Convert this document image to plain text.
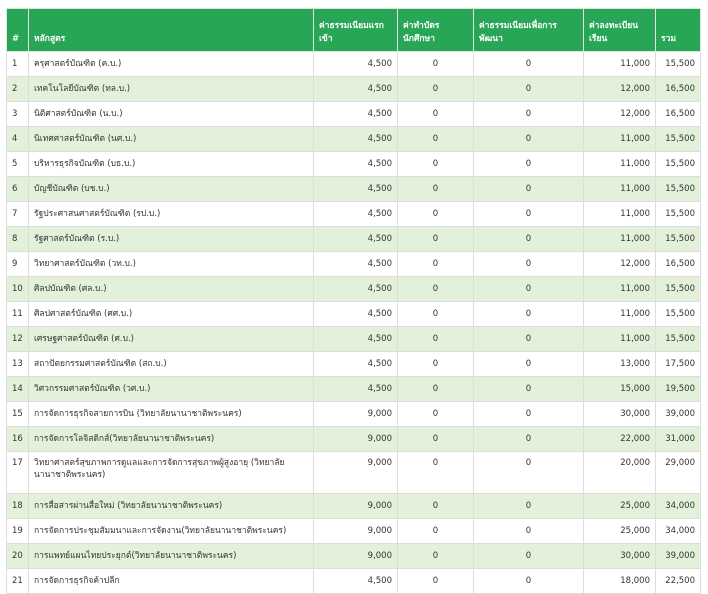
#	หลักสูตร	ค่าธรรมเนียมแรกเข้า	ค่าทำบัตรนักศึกษา	ค่าธรรมเนียมเพื่อการพัฒนา	ค่าลงทะเบียนเรียน	รวม
1	ครุศาสตร์บัณฑิต (ค.บ.)	4,500	0	0	11,000	15,500
2	เทคโนโลยีบัณฑิต (ทล.บ.)	4,500	0	0	12,000	16,500
3	นิติศาสตร์บัณฑิต (น.บ.)	4,500	0	0	12,000	16,500
4	นิเทศศาสตร์บัณฑิต (นศ.บ.)	4,500	0	0	11,000	15,500
5	บริหารธุรกิจบัณฑิต (บธ.บ.)	4,500	0	0	11,000	15,500
6	บัญชีบัณฑิต (บช.บ.)	4,500	0	0	11,000	15,500
7	รัฐประศาสนศาสตร์บัณฑิต (รป.บ.)	4,500	0	0	11,000	15,500
8	รัฐศาสตร์บัณฑิต (ร.บ.)	4,500	0	0	11,000	15,500
9	วิทยาศาสตร์บัณฑิต (วท.บ.)	4,500	0	0	12,000	16,500
10	ศิลปบัณฑิต (ศล.บ.)	4,500	0	0	11,000	15,500
11	ศิลปศาสตร์บัณฑิต (ศศ.บ.)	4,500	0	0	11,000	15,500
12	เศรษฐศาสตร์บัณฑิต (ศ.บ.)	4,500	0	0	11,000	15,500
13	สถาปัตยกรรมศาสตร์บัณฑิต (สถ.บ.)	4,500	0	0	13,000	17,500
14	วิศวกรรมศาสตร์บัณฑิต (วศ.บ.)	4,500	0	0	15,000	19,500
15	การจัดการธุรกิจสายการบิน (วิทยาลัยนานาชาติพระนคร)	9,000	0	0	30,000	39,000
16	การจัดการโลจิสติกส์(วิทยาลัยนานาชาติพระนคร)	9,000	0	0	22,000	31,000
17	วิทยาศาสตร์สุขภาพการดูแลและการจัดการสุขภาพผู้สูงอายุ (วิทยาลัยนานาชาติพระนคร)	9,000	0	0	20,000	29,000
18	การสื่อสารผ่านสื่อใหม่ (วิทยาลัยนานาชาติพระนคร)	9,000	0	0	25,000	34,000
19	การจัดการประชุมสัมมนาและการจัดงาน(วิทยาลัยนานาชาติพระนคร)	9,000	0	0	25,000	34,000
20	การแพทย์แผนไทยประยุกต์(วิทยาลัยนานาชาติพระนคร)	9,000	0	0	30,000	39,000
21	การจัดการธุรกิจค้าปลีก	4,500	0	0	18,000	22,500
